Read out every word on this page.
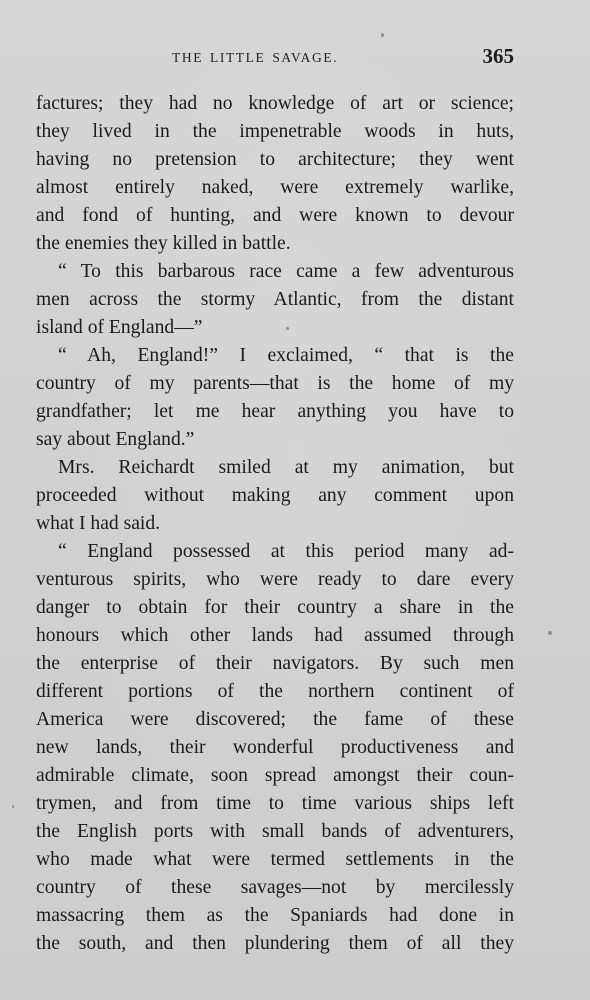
THE LITTLE SAVAGE.	365
factures; they had no knowledge of art or science;
they lived in the impenetrable woods in huts,
having no pretension to architecture; they went
almost entirely naked, were extremely warlike,
and fond of hunting, and were known to devour
the enemies they killed in battle.
“ To this barbarous race came a few adventurous
men across the stormy Atlantic, from the distant
island of England—”
“ Ah, England!” I exclaimed, “ that is the
country of my parents—that is the home of my
grandfather; let me hear anything you have to
say about England.”
Mrs. Reichardt smiled at my animation, but
proceeded without making any comment upon
what I had said.
“ England possessed at this period many ad-
venturous spirits, who were ready to dare every
danger to obtain for their country a share in the
honours which other lands had assumed through
the enterprise of their navigators. By such men
different portions of the northern continent of
America were discovered; the fame of these
new lands, their wonderful productiveness and
admirable climate, soon spread amongst their coun-
trymen, and from time to time various ships left
the English ports with small bands of adventurers,
who made what were termed settlements in the
country of these savages—not by mercilessly
massacring them as the Spaniards had done in
the south, and then plundering them of all they
